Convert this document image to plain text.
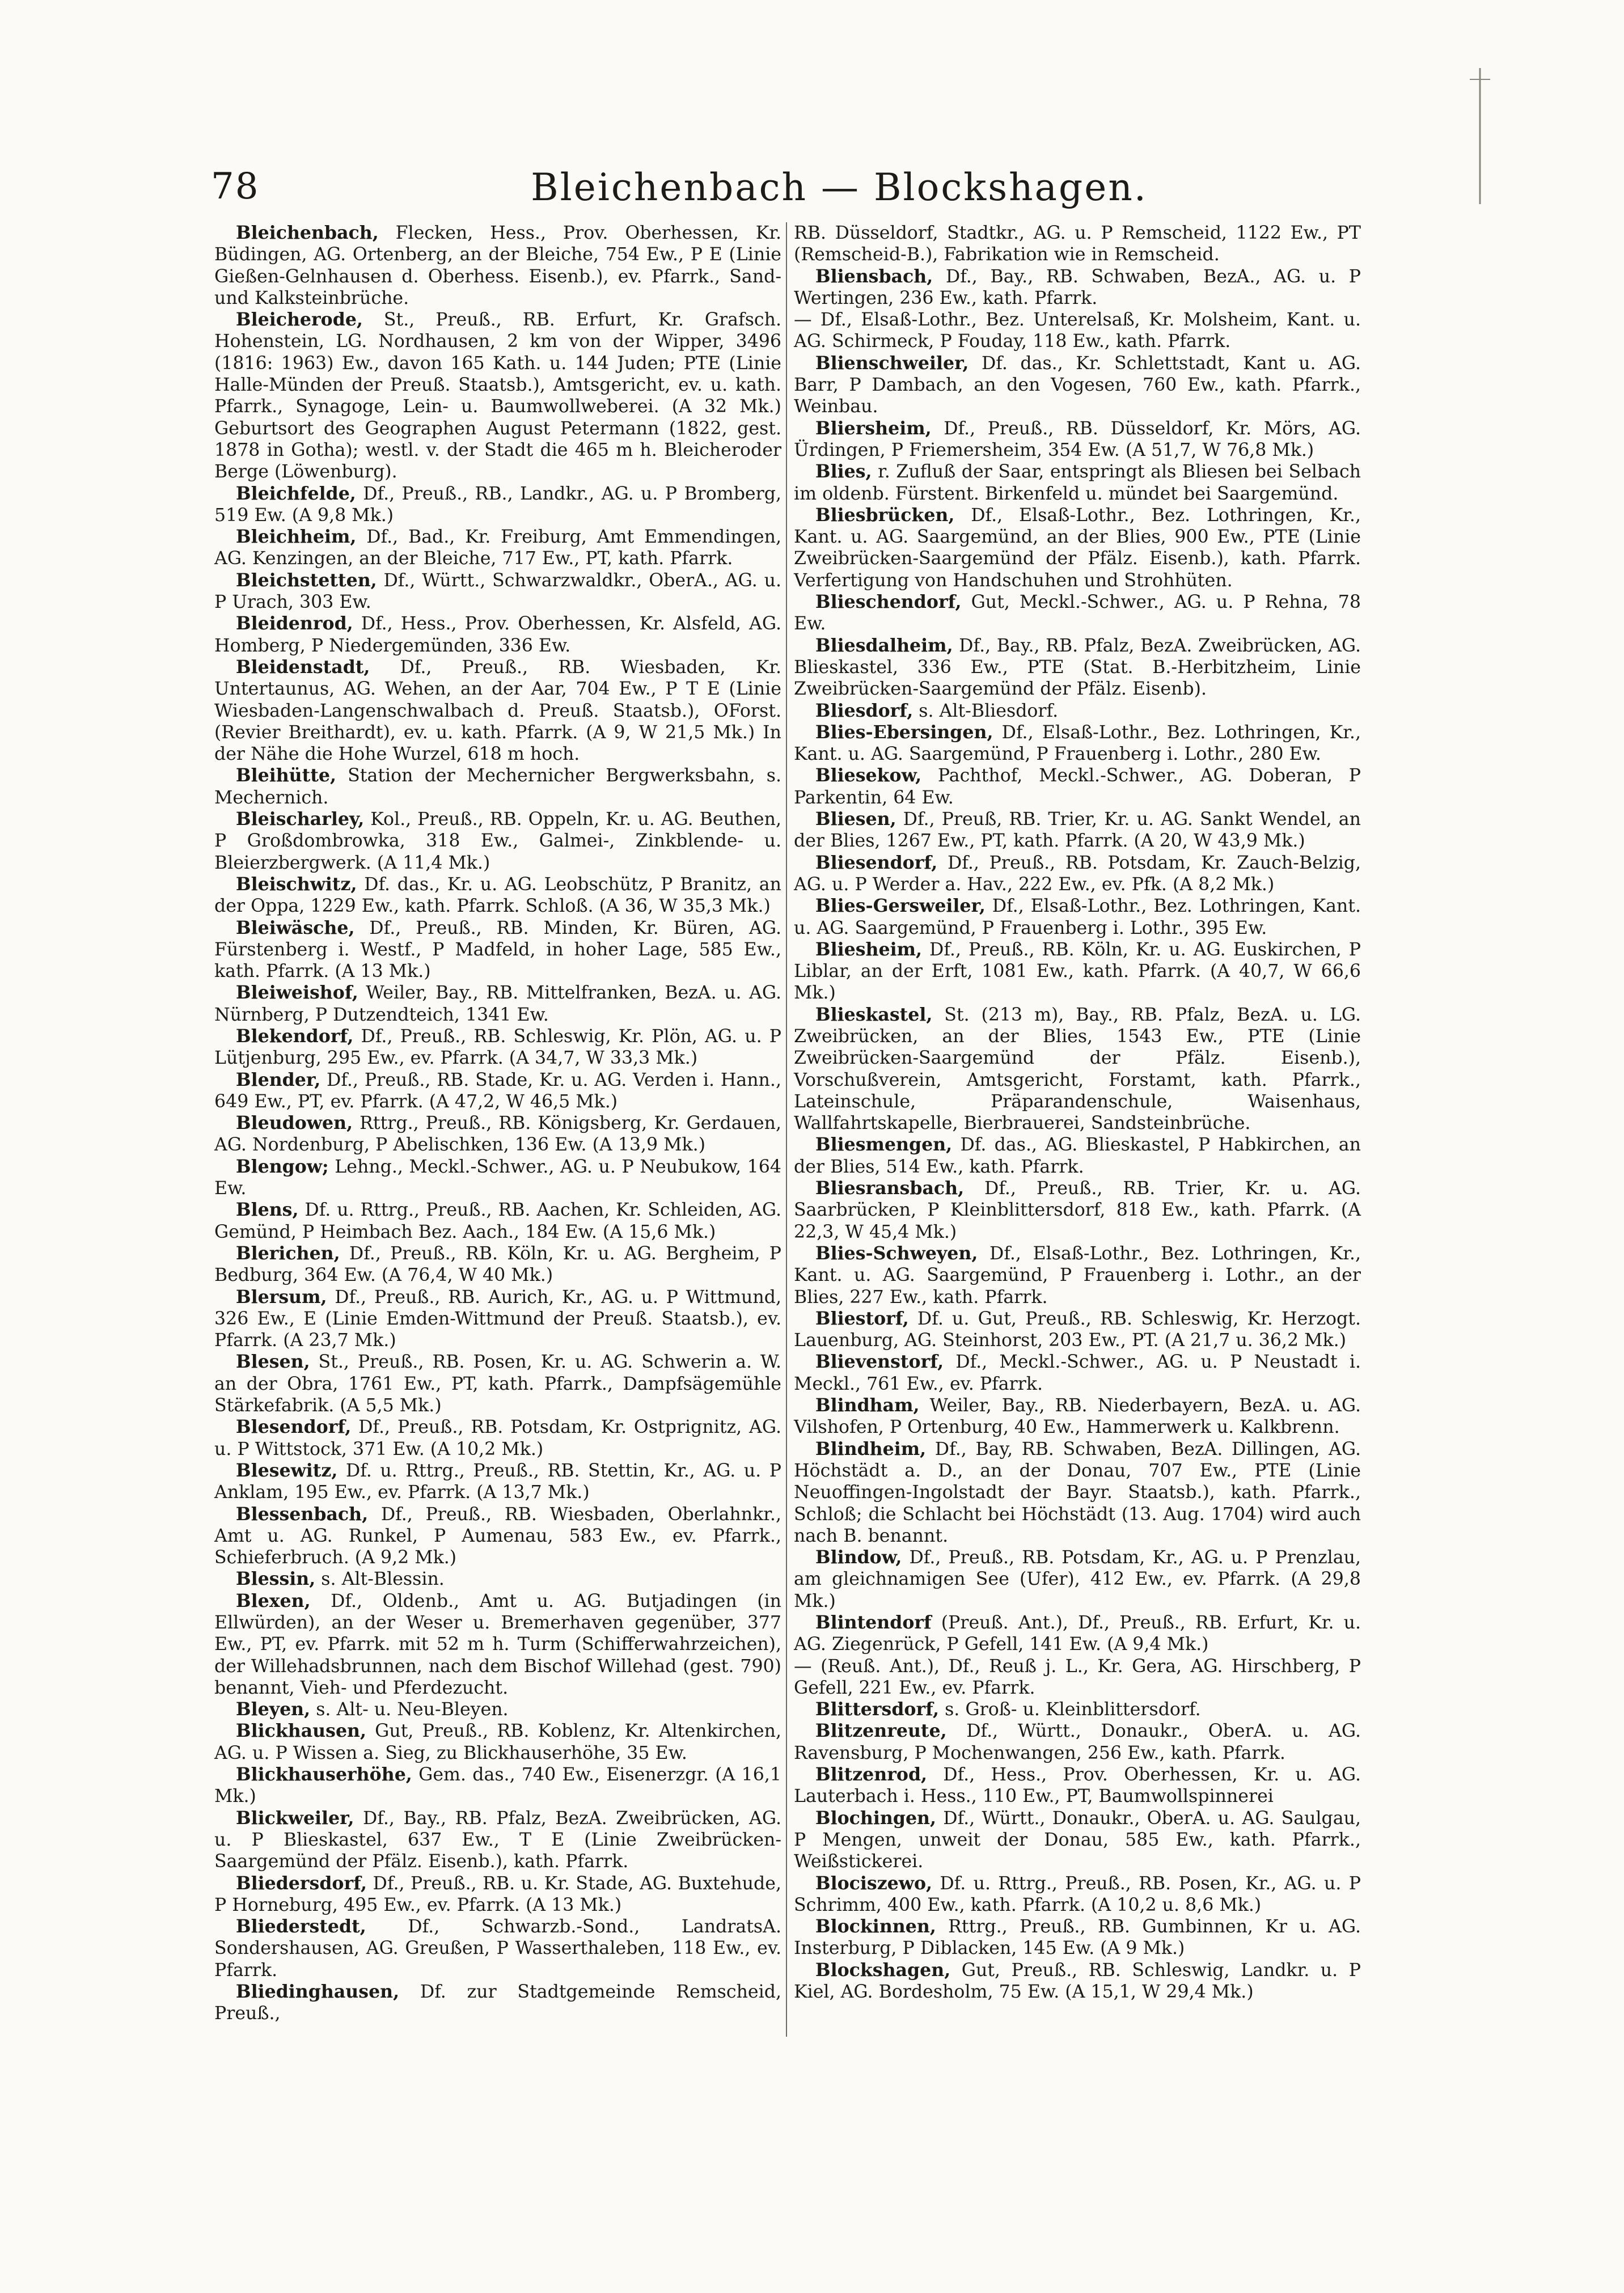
78	Bleichenbach — Blockshagen.

Bleichenbach, Flecken, Hess., Prov. Oberhessen, Kr. Büdingen, AG. Ortenberg, an der Bleiche, 754 Ew., P E (Linie Gießen-Gelnhausen d. Oberhess. Eisenb.), ev. Pfarrk., Sand- und Kalksteinbrüche.

Bleicherode, St., Preuß., RB. Erfurt, Kr. Grafsch. Hohenstein, LG. Nordhausen, 2 km von der Wipper, 3496 (1816: 1963) Ew., davon 165 Kath. u. 144 Juden; PTE (Linie Halle-Münden der Preuß. Staatsb.), Amtsgericht, ev. u. kath. Pfarrk., Synagoge, Lein- u. Baumwollweberei. (A 32 Mk.) Geburtsort des Geographen August Petermann (1822, gest. 1878 in Gotha); westl. v. der Stadt die 465 m h. Bleicheroder Berge (Löwenburg).

Bleichfelde, Df., Preuß., RB., Landkr., AG. u. P Bromberg, 519 Ew. (A 9,8 Mk.)

Bleichheim, Df., Bad., Kr. Freiburg, Amt Emmendingen, AG. Kenzingen, an der Bleiche, 717 Ew., PT, kath. Pfarrk.

Bleichstetten, Df., Württ., Schwarzwaldkr., OberA., AG. u. P Urach, 303 Ew.

Bleidenrod, Df., Hess., Prov. Oberhessen, Kr. Alsfeld, AG. Homberg, P Niedergemünden, 336 Ew.

Bleidenstadt, Df., Preuß., RB. Wiesbaden, Kr. Untertaunus, AG. Wehen, an der Aar, 704 Ew., P T E (Linie Wiesbaden-Langenschwalbach d. Preuß. Staatsb.), OForst. (Revier Breithardt), ev. u. kath. Pfarrk. (A 9, W 21,5 Mk.) In der Nähe die Hohe Wurzel, 618 m hoch.

Bleihütte, Station der Mechernicher Bergwerksbahn, s. Mechernich.

Bleischarley, Kol., Preuß., RB. Oppeln, Kr. u. AG. Beuthen, P Großdombrowka, 318 Ew., Galmei-, Zinkblende- u. Bleierzbergwerk. (A 11,4 Mk.)

Bleischwitz, Df. das., Kr. u. AG. Leobschütz, P Branitz, an der Oppa, 1229 Ew., kath. Pfarrk. Schloß. (A 36, W 35,3 Mk.)

Bleiwäsche, Df., Preuß., RB. Minden, Kr. Büren, AG. Fürstenberg i. Westf., P Madfeld, in hoher Lage, 585 Ew., kath. Pfarrk. (A 13 Mk.)

Bleiweishof, Weiler, Bay., RB. Mittelfranken, BezA. u. AG. Nürnberg, P Dutzendteich, 1341 Ew.

Blekendorf, Df., Preuß., RB. Schleswig, Kr. Plön, AG. u. P Lütjenburg, 295 Ew., ev. Pfarrk. (A 34,7, W 33,3 Mk.)

Blender, Df., Preuß., RB. Stade, Kr. u. AG. Verden i. Hann., 649 Ew., PT, ev. Pfarrk. (A 47,2, W 46,5 Mk.)

Bleudowen, Rttrg., Preuß., RB. Königsberg, Kr. Gerdauen, AG. Nordenburg, P Abelischken, 136 Ew. (A 13,9 Mk.)

Blengow; Lehng., Meckl.-Schwer., AG. u. P Neubukow, 164 Ew.

Blens, Df. u. Rttrg., Preuß., RB. Aachen, Kr. Schleiden, AG. Gemünd, P Heimbach Bez. Aach., 184 Ew. (A 15,6 Mk.)

Blerichen, Df., Preuß., RB. Köln, Kr. u. AG. Bergheim, P Bedburg, 364 Ew. (A 76,4, W 40 Mk.)

Blersum, Df., Preuß., RB. Aurich, Kr., AG. u. P Wittmund, 326 Ew., E (Linie Emden-Wittmund der Preuß. Staatsb.), ev. Pfarrk. (A 23,7 Mk.)

Blesen, St., Preuß., RB. Posen, Kr. u. AG. Schwerin a. W. an der Obra, 1761 Ew., PT, kath. Pfarrk., Dampfsägemühle Stärkefabrik. (A 5,5 Mk.)

Blesendorf, Df., Preuß., RB. Potsdam, Kr. Ostprignitz, AG. u. P Wittstock, 371 Ew. (A 10,2 Mk.)

Blesewitz, Df. u. Rttrg., Preuß., RB. Stettin, Kr., AG. u. P Anklam, 195 Ew., ev. Pfarrk. (A 13,7 Mk.)

Blessenbach, Df., Preuß., RB. Wiesbaden, Oberlahnkr., Amt u. AG. Runkel, P Aumenau, 583 Ew., ev. Pfarrk., Schieferbruch. (A 9,2 Mk.)

Blessin, s. Alt-Blessin.

Blexen, Df., Oldenb., Amt u. AG. Butjadingen (in Ellwürden), an der Weser u. Bremerhaven gegenüber, 377 Ew., PT, ev. Pfarrk. mit 52 m h. Turm (Schifferwahrzeichen), der Willehadsbrunnen, nach dem Bischof Willehad (gest. 790) benannt, Vieh- und Pferdezucht.

Bleyen, s. Alt- u. Neu-Bleyen.

Blickhausen, Gut, Preuß., RB. Koblenz, Kr. Altenkirchen, AG. u. P Wissen a. Sieg, zu Blickhauserhöhe, 35 Ew.

Blickhauserhöhe, Gem. das., 740 Ew., Eisenerzgr. (A 16,1 Mk.)

Blickweiler, Df., Bay., RB. Pfalz, BezA. Zweibrücken, AG. u. P Blieskastel, 637 Ew., T E (Linie Zweibrücken-Saargemünd der Pfälz. Eisenb.), kath. Pfarrk.

Bliedersdorf, Df., Preuß., RB. u. Kr. Stade, AG. Buxtehude, P Horneburg, 495 Ew., ev. Pfarrk. (A 13 Mk.)

Bliederstedt, Df., Schwarzb.-Sond., LandratsA. Sondershausen, AG. Greußen, P Wasserthaleben, 118 Ew., ev. Pfarrk.

Bliedinghausen, Df. zur Stadtgemeinde Remscheid, Preuß.,

RB. Düsseldorf, Stadtkr., AG. u. P Remscheid, 1122 Ew., PT (Remscheid-B.), Fabrikation wie in Remscheid.

Bliensbach, Df., Bay., RB. Schwaben, BezA., AG. u. P Wertingen, 236 Ew., kath. Pfarrk.

— Df., Elsaß-Lothr., Bez. Unterelsaß, Kr. Molsheim, Kant. u. AG. Schirmeck, P Fouday, 118 Ew., kath. Pfarrk.

Blienschweiler, Df. das., Kr. Schlettstadt, Kant u. AG. Barr, P Dambach, an den Vogesen, 760 Ew., kath. Pfarrk., Weinbau.

Bliersheim, Df., Preuß., RB. Düsseldorf, Kr. Mörs, AG. Ürdingen, P Friemersheim, 354 Ew. (A 51,7, W 76,8 Mk.)

Blies, r. Zufluß der Saar, entspringt als Bliesen bei Selbach im oldenb. Fürstent. Birkenfeld u. mündet bei Saargemünd.

Bliesbrücken, Df., Elsaß-Lothr., Bez. Lothringen, Kr., Kant. u. AG. Saargemünd, an der Blies, 900 Ew., PTE (Linie Zweibrücken-Saargemünd der Pfälz. Eisenb.), kath. Pfarrk. Verfertigung von Handschuhen und Strohhüten.

Blieschendorf, Gut, Meckl.-Schwer., AG. u. P Rehna, 78 Ew.

Bliesdalheim, Df., Bay., RB. Pfalz, BezA. Zweibrücken, AG. Blieskastel, 336 Ew., PTE (Stat. B.-Herbitzheim, Linie Zweibrücken-Saargemünd der Pfälz. Eisenb).

Bliesdorf, s. Alt-Bliesdorf.

Blies-Ebersingen, Df., Elsaß-Lothr., Bez. Lothringen, Kr., Kant. u. AG. Saargemünd, P Frauenberg i. Lothr., 280 Ew.

Bliesekow, Pachthof, Meckl.-Schwer., AG. Doberan, P Parkentin, 64 Ew.

Bliesen, Df., Preuß, RB. Trier, Kr. u. AG. Sankt Wendel, an der Blies, 1267 Ew., PT, kath. Pfarrk. (A 20, W 43,9 Mk.)

Bliesendorf, Df., Preuß., RB. Potsdam, Kr. Zauch-Belzig, AG. u. P Werder a. Hav., 222 Ew., ev. Pfk. (A 8,2 Mk.)

Blies-Gersweiler, Df., Elsaß-Lothr., Bez. Lothringen, Kant. u. AG. Saargemünd, P Frauenberg i. Lothr., 395 Ew.

Bliesheim, Df., Preuß., RB. Köln, Kr. u. AG. Euskirchen, P Liblar, an der Erft, 1081 Ew., kath. Pfarrk. (A 40,7, W 66,6 Mk.)

Blieskastel, St. (213 m), Bay., RB. Pfalz, BezA. u. LG. Zweibrücken, an der Blies, 1543 Ew., PTE (Linie Zweibrücken-Saargemünd der Pfälz. Eisenb.), Vorschußverein, Amtsgericht, Forstamt, kath. Pfarrk., Lateinschule, Präparandenschule, Waisenhaus, Wallfahrtskapelle, Bierbrauerei, Sandsteinbrüche.

Bliesmengen, Df. das., AG. Blieskastel, P Habkirchen, an der Blies, 514 Ew., kath. Pfarrk.

Bliesransbach, Df., Preuß., RB. Trier, Kr. u. AG. Saarbrücken, P Kleinblittersdorf, 818 Ew., kath. Pfarrk. (A 22,3, W 45,4 Mk.)

Blies-Schweyen, Df., Elsaß-Lothr., Bez. Lothringen, Kr., Kant. u. AG. Saargemünd, P Frauenberg i. Lothr., an der Blies, 227 Ew., kath. Pfarrk.

Bliestorf, Df. u. Gut, Preuß., RB. Schleswig, Kr. Herzogt. Lauenburg, AG. Steinhorst, 203 Ew., PT. (A 21,7 u. 36,2 Mk.)

Blievenstorf, Df., Meckl.-Schwer., AG. u. P Neustadt i. Meckl., 761 Ew., ev. Pfarrk.

Blindham, Weiler, Bay., RB. Niederbayern, BezA. u. AG. Vilshofen, P Ortenburg, 40 Ew., Hammerwerk u. Kalkbrenn.

Blindheim, Df., Bay, RB. Schwaben, BezA. Dillingen, AG. Höchstädt a. D., an der Donau, 707 Ew., PTE (Linie Neuoffingen-Ingolstadt der Bayr. Staatsb.), kath. Pfarrk., Schloß; die Schlacht bei Höchstädt (13. Aug. 1704) wird auch nach B. benannt.

Blindow, Df., Preuß., RB. Potsdam, Kr., AG. u. P Prenzlau, am gleichnamigen See (Ufer), 412 Ew., ev. Pfarrk. (A 29,8 Mk.)

Blintendorf (Preuß. Ant.), Df., Preuß., RB. Erfurt, Kr. u. AG. Ziegenrück, P Gefell, 141 Ew. (A 9,4 Mk.)

— (Reuß. Ant.), Df., Reuß j. L., Kr. Gera, AG. Hirschberg, P Gefell, 221 Ew., ev. Pfarrk.

Blittersdorf, s. Groß- u. Kleinblittersdorf.

Blitzenreute, Df., Württ., Donaukr., OberA. u. AG. Ravensburg, P Mochenwangen, 256 Ew., kath. Pfarrk.

Blitzenrod, Df., Hess., Prov. Oberhessen, Kr. u. AG. Lauterbach i. Hess., 110 Ew., PT, Baumwollspinnerei

Blochingen, Df., Württ., Donaukr., OberA. u. AG. Saulgau, P Mengen, unweit der Donau, 585 Ew., kath. Pfarrk., Weißstickerei.

Blociszewo, Df. u. Rttrg., Preuß., RB. Posen, Kr., AG. u. P Schrimm, 400 Ew., kath. Pfarrk. (A 10,2 u. 8,6 Mk.)

Blockinnen, Rttrg., Preuß., RB. Gumbinnen, Kr u. AG. Insterburg, P Diblacken, 145 Ew. (A 9 Mk.)

Blockshagen, Gut, Preuß., RB. Schleswig, Landkr. u. P Kiel, AG. Bordesholm, 75 Ew. (A 15,1, W 29,4 Mk.)
